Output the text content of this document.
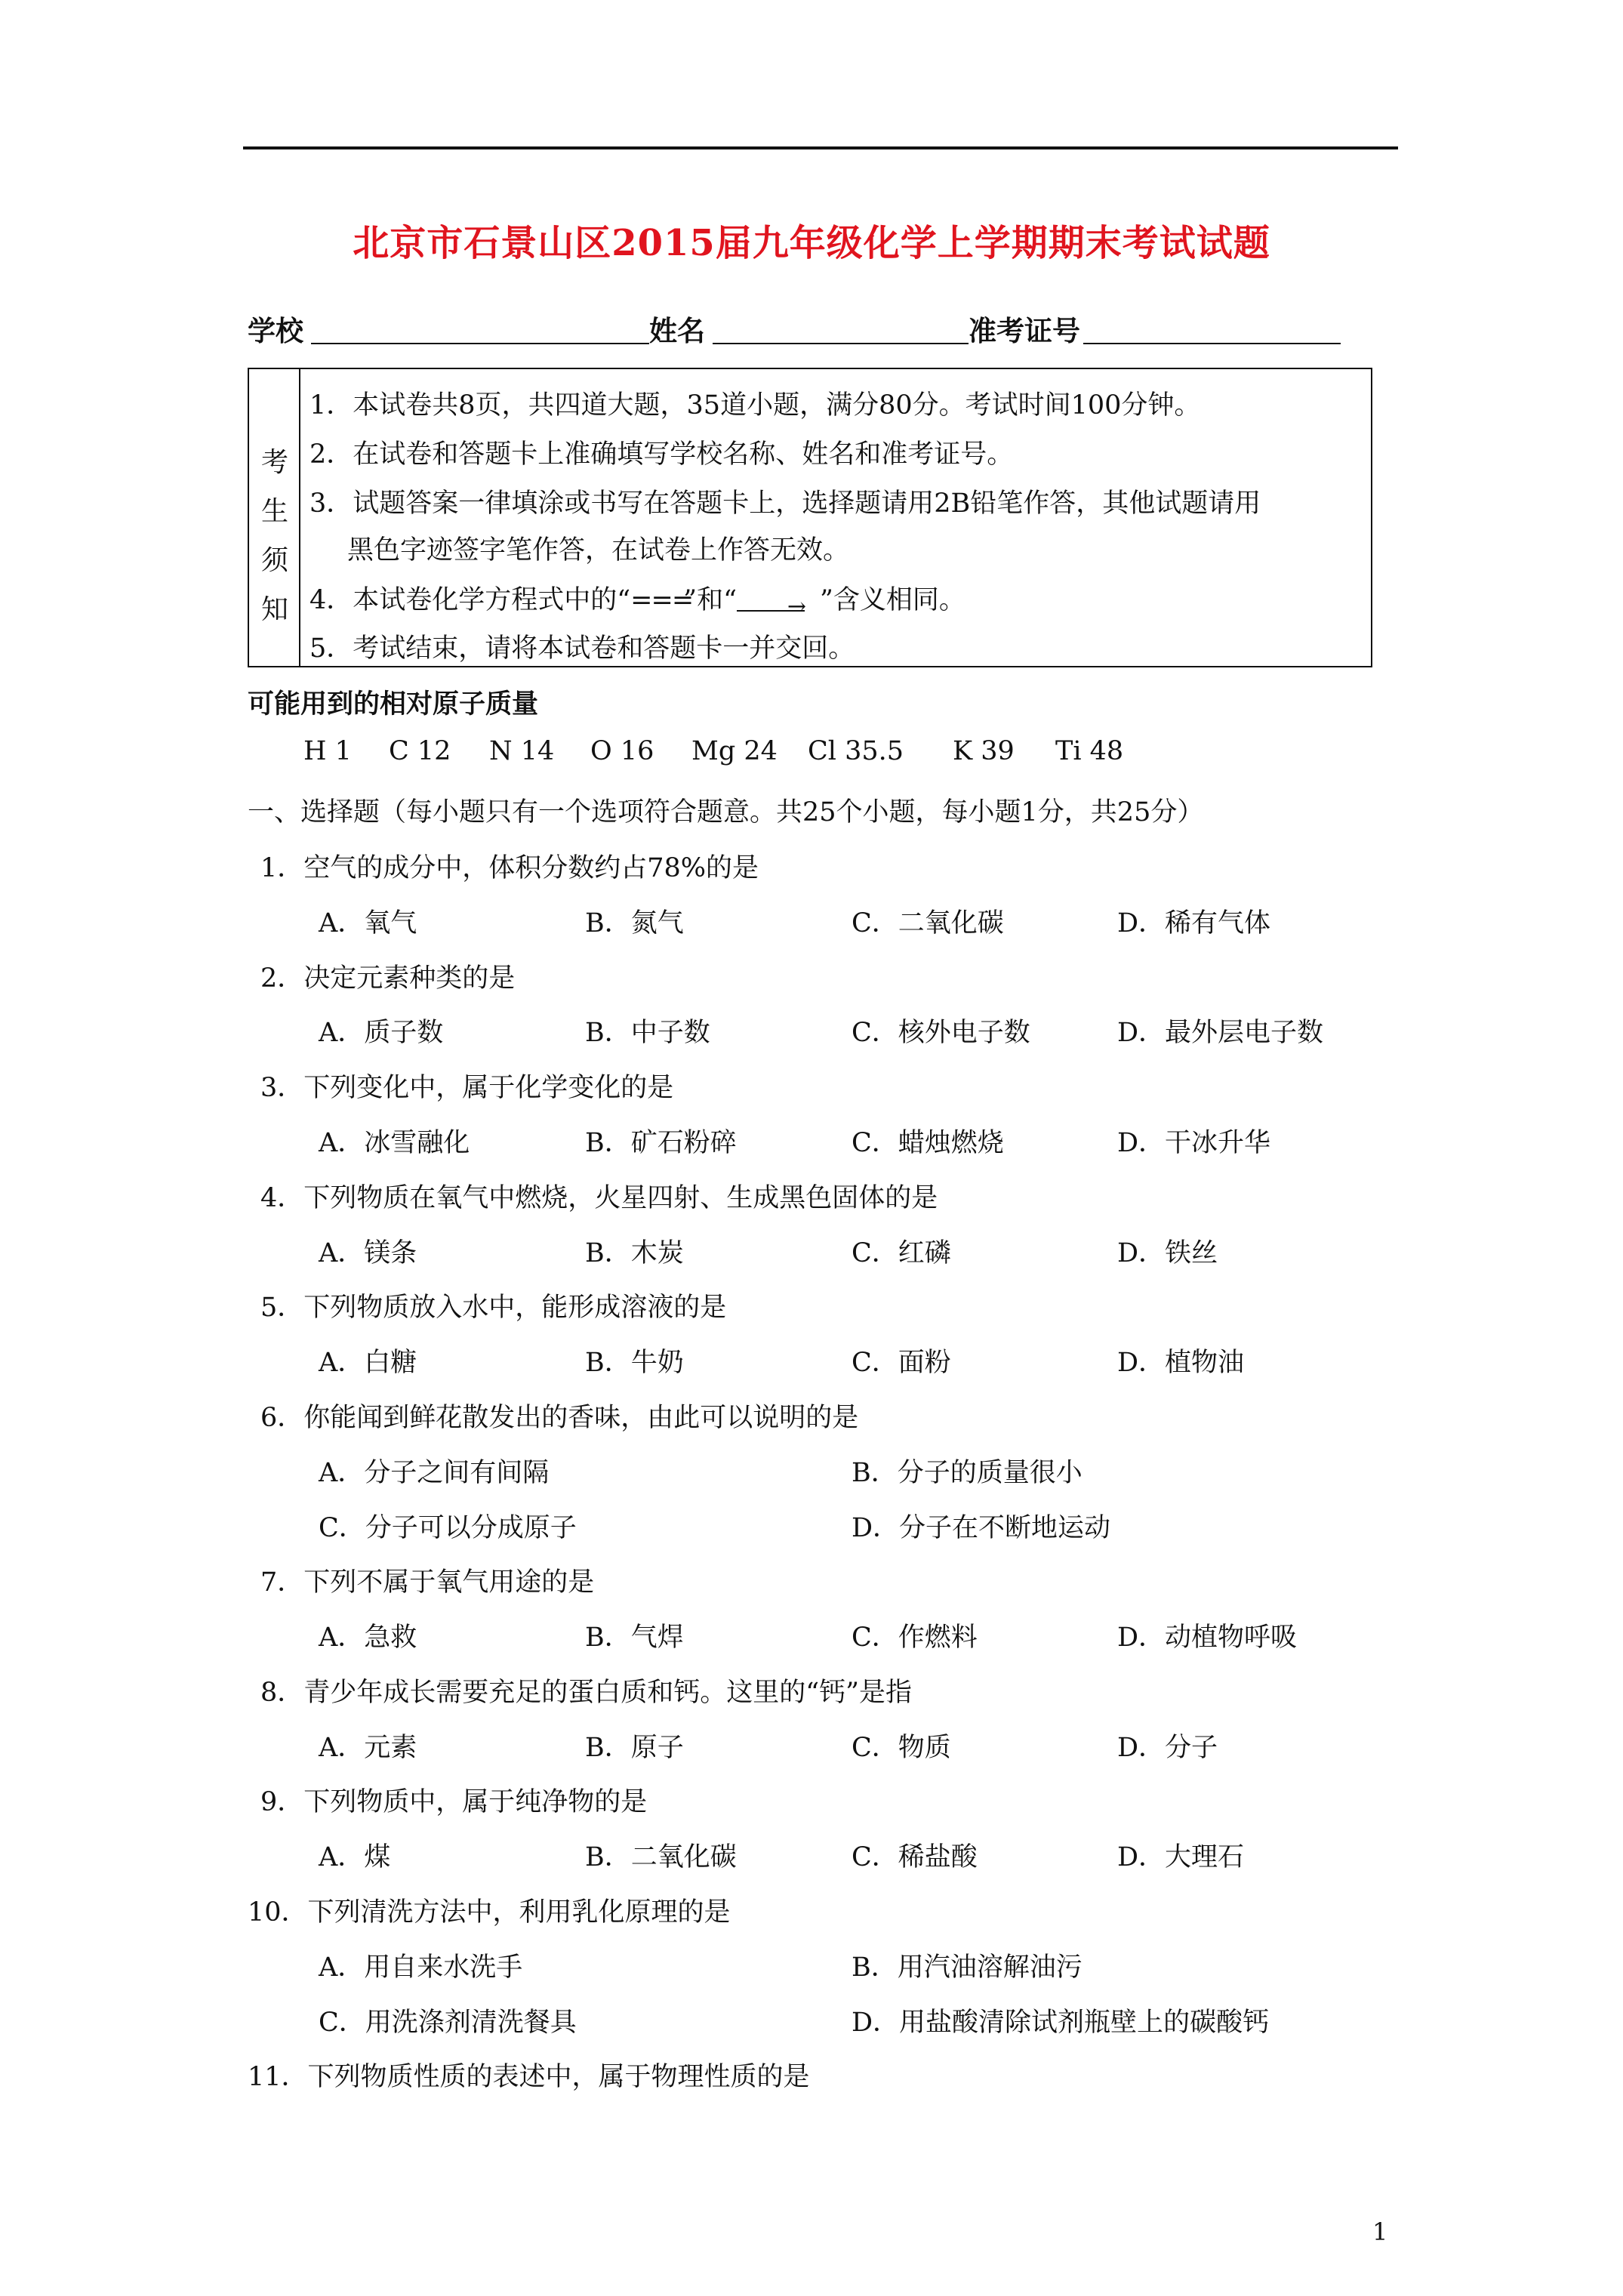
北京市石景山区2015届九年级化学上学期期末考试试题
学校	姓名	准考证号
考
生
须
知
1．本试卷共8页，共四道大题，35道小题，满分80分。考试时间100分钟。
2．在试卷和答题卡上准确填写学校名称、姓名和准考证号。
3．试题答案一律填涂或书写在答题卡上，选择题请用2B铅笔作答，其他试题请用
黑色字迹签字笔作答，在试卷上作答无效。
4．本试卷化学方程式中的“===”和“	”含义相同。
5．考试结束，请将本试卷和答题卡一并交回。
可能用到的相对原子质量
H 1 C 12 N 14 O 16 Mg 24 Cl 35.5 K 39 Ti 48
一、选择题（每小题只有一个选项符合题意。共25个小题，每小题1分，共25分）
1．空气的成分中，体积分数约占78%的是
A．氧气	B．氮气	C．二氧化碳	D．稀有气体
2．决定元素种类的是
A．质子数	B．中子数	C．核外电子数	D．最外层电子数
3．下列变化中，属于化学变化的是
A．冰雪融化	B．矿石粉碎	C．蜡烛燃烧	D．干冰升华
4．下列物质在氧气中燃烧，火星四射、生成黑色固体的是
A．镁条	B．木炭	C．红磷	D．铁丝
5．下列物质放入水中，能形成溶液的是
A．白糖	B．牛奶	C．面粉	D．植物油
6．你能闻到鲜花散发出的香味，由此可以说明的是
A．分子之间有间隔	B．分子的质量很小
C．分子可以分成原子	D．分子在不断地运动
7．下列不属于氧气用途的是
A．急救	B．气焊	C．作燃料	D．动植物呼吸
8．青少年成长需要充足的蛋白质和钙。这里的“钙”是指
A．元素	B．原子	C．物质	D．分子
9．下列物质中，属于纯净物的是
A．煤	B．二氧化碳	C．稀盐酸	D．大理石
10．下列清洗方法中，利用乳化原理的是
A．用自来水洗手	B．用汽油溶解油污
C．用洗涤剂清洗餐具	D．用盐酸清除试剂瓶壁上的碳酸钙
11．下列物质性质的表述中，属于物理性质的是
1
